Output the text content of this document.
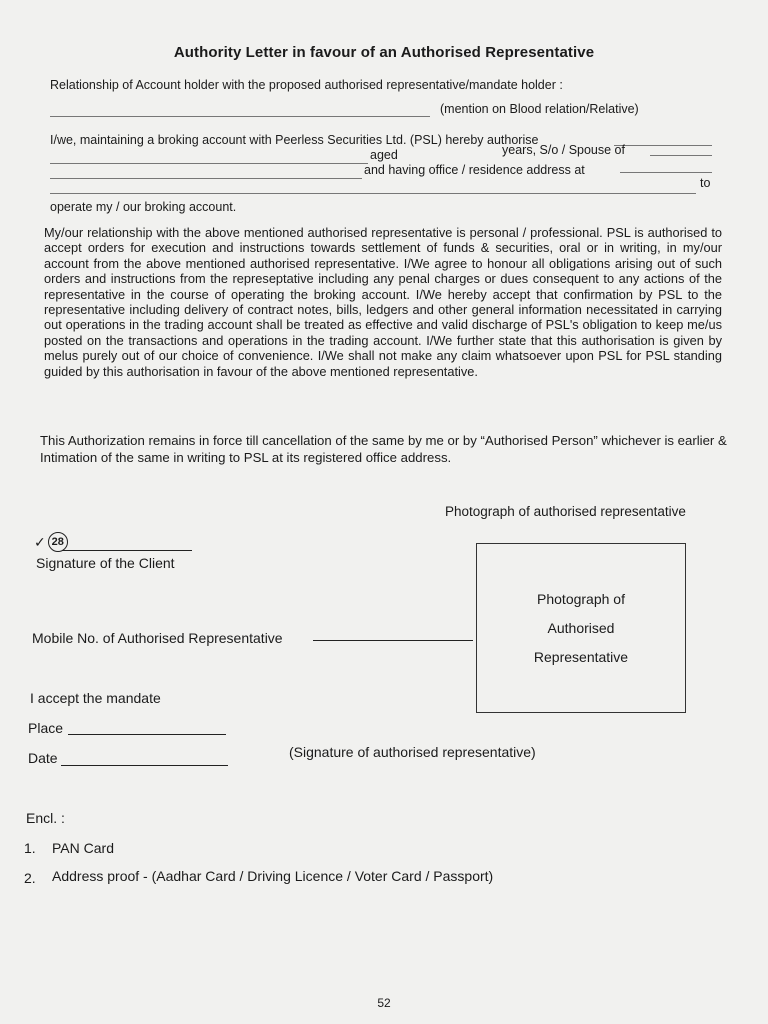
Authority Letter in favour of an Authorised Representative
Relationship of Account holder with the proposed authorised representative/mandate holder :
(mention on Blood relation/Relative)
I/we, maintaining a broking account with Peerless Securities Ltd. (PSL) hereby authorise
aged	years, S/o / Spouse of
and having office / residence address at
to
operate my / our broking account.
My/our relationship with the above mentioned authorised representative is personal / professional. PSL is authorised to accept orders for execution and instructions towards settlement of funds & securities, oral or in writing, in my/our account from the above mentioned authorised representative. I/We agree to honour all obligations arising out of such orders and instructions from the represeptative including any penal charges or dues consequent to any actions of the representative in the course of operating the broking account. I/We hereby accept that confirmation by PSL to the representative including delivery of contract notes, bills, ledgers and other general information necessitated in carrying out operations in the trading account shall be treated as effective and valid discharge of PSL's obligation to keep me/us posted on the transactions and operations in the trading account. I/We further state that this authorisation is given by melus purely out of our choice of convenience. I/We shall not make any claim whatsoever upon PSL for PSL standing guided by this authorisation in favour of the above mentioned representative.
This Authorization remains in force till cancellation of the same by me or by “Authorised Person” whichever is earlier & Intimation of the same in writing to PSL at its registered office address.
Photograph of authorised representative
✓ 28
Signature of the Client
Photograph of
Authorised
Representative
Mobile No. of Authorised Representative
I accept the mandate
Place
Date	(Signature of authorised representative)
Encl. :
1. PAN Card
2. Address proof - (Aadhar Card / Driving Licence / Voter Card / Passport)
52
